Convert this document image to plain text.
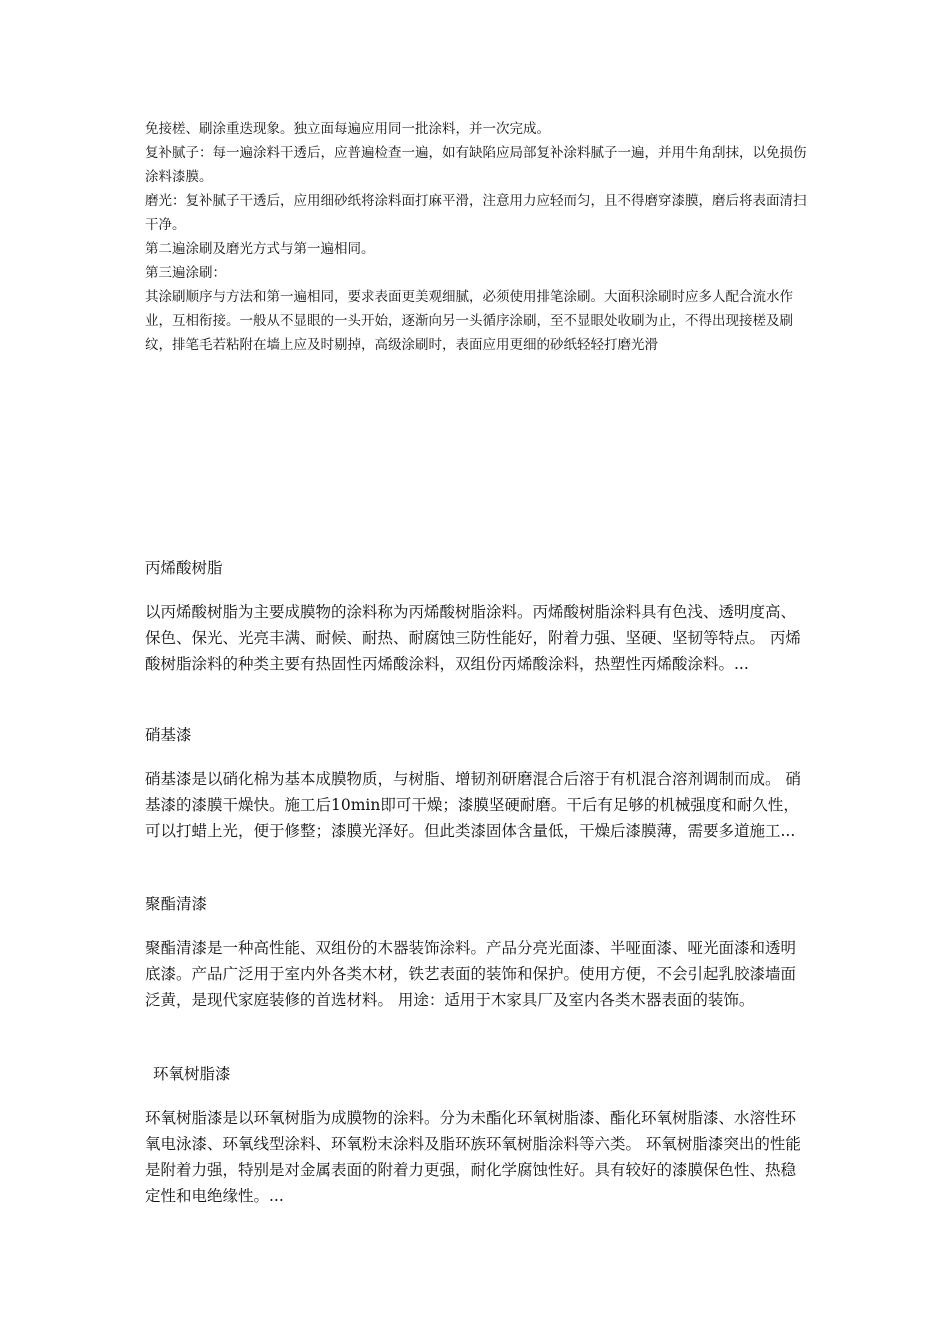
免接槎、刷涂重迭现象。独立面每遍应用同一批涂料，并一次完成。

复补腻子：每一遍涂料干透后，应普遍检查一遍，如有缺陷应局部复补涂料腻子一遍，并用牛角刮抹，以免损伤涂料漆膜。

磨光：复补腻子干透后，应用细砂纸将涂料面打麻平滑，注意用力应轻而匀，且不得磨穿漆膜，磨后将表面清扫干净。

第二遍涂刷及磨光方式与第一遍相同。

第三遍涂刷：

其涂刷顺序与方法和第一遍相同，要求表面更美观细腻，必须使用排笔涂刷。大面积涂刷时应多人配合流水作业，互相衔接。一般从不显眼的一头开始，逐渐向另一头循序涂刷，至不显眼处收刷为止，不得出现接槎及刷纹，排笔毛若粘附在墙上应及时剔掉，高级涂刷时，表面应用更细的砂纸轻轻打磨光滑

丙烯酸树脂

以丙烯酸树脂为主要成膜物的涂料称为丙烯酸树脂涂料。丙烯酸树脂涂料具有色浅、透明度高、保色、保光、光亮丰满、耐候、耐热、耐腐蚀三防性能好，附着力强、坚硬、坚韧等特点。 丙烯酸树脂涂料的种类主要有热固性丙烯酸涂料，双组份丙烯酸涂料，热塑性丙烯酸涂料。...

硝基漆

硝基漆是以硝化棉为基本成膜物质，与树脂、增韧剂研磨混合后溶于有机混合溶剂调制而成。 硝基漆的漆膜干燥快。施工后10min即可干燥；漆膜坚硬耐磨。干后有足够的机械强度和耐久性，可以打蜡上光，便于修整；漆膜光泽好。但此类漆固体含量低，干燥后漆膜薄，需要多道施工...

聚酯清漆

聚酯清漆是一种高性能、双组份的木器装饰涂料。产品分亮光面漆、半哑面漆、哑光面漆和透明底漆。产品广泛用于室内外各类木材，铁艺表面的装饰和保护。使用方便，不会引起乳胶漆墙面泛黄，是现代家庭装修的首选材料。 用途：适用于木家具厂及室内各类木器表面的装饰。

环氧树脂漆

环氧树脂漆是以环氧树脂为成膜物的涂料。分为未酯化环氧树脂漆、酯化环氧树脂漆、水溶性环氧电泳漆、环氧线型涂料、环氧粉末涂料及脂环族环氧树脂涂料等六类。 环氧树脂漆突出的性能是附着力强，特别是对金属表面的附着力更强，耐化学腐蚀性好。具有较好的漆膜保色性、热稳定性和电绝缘性。...
